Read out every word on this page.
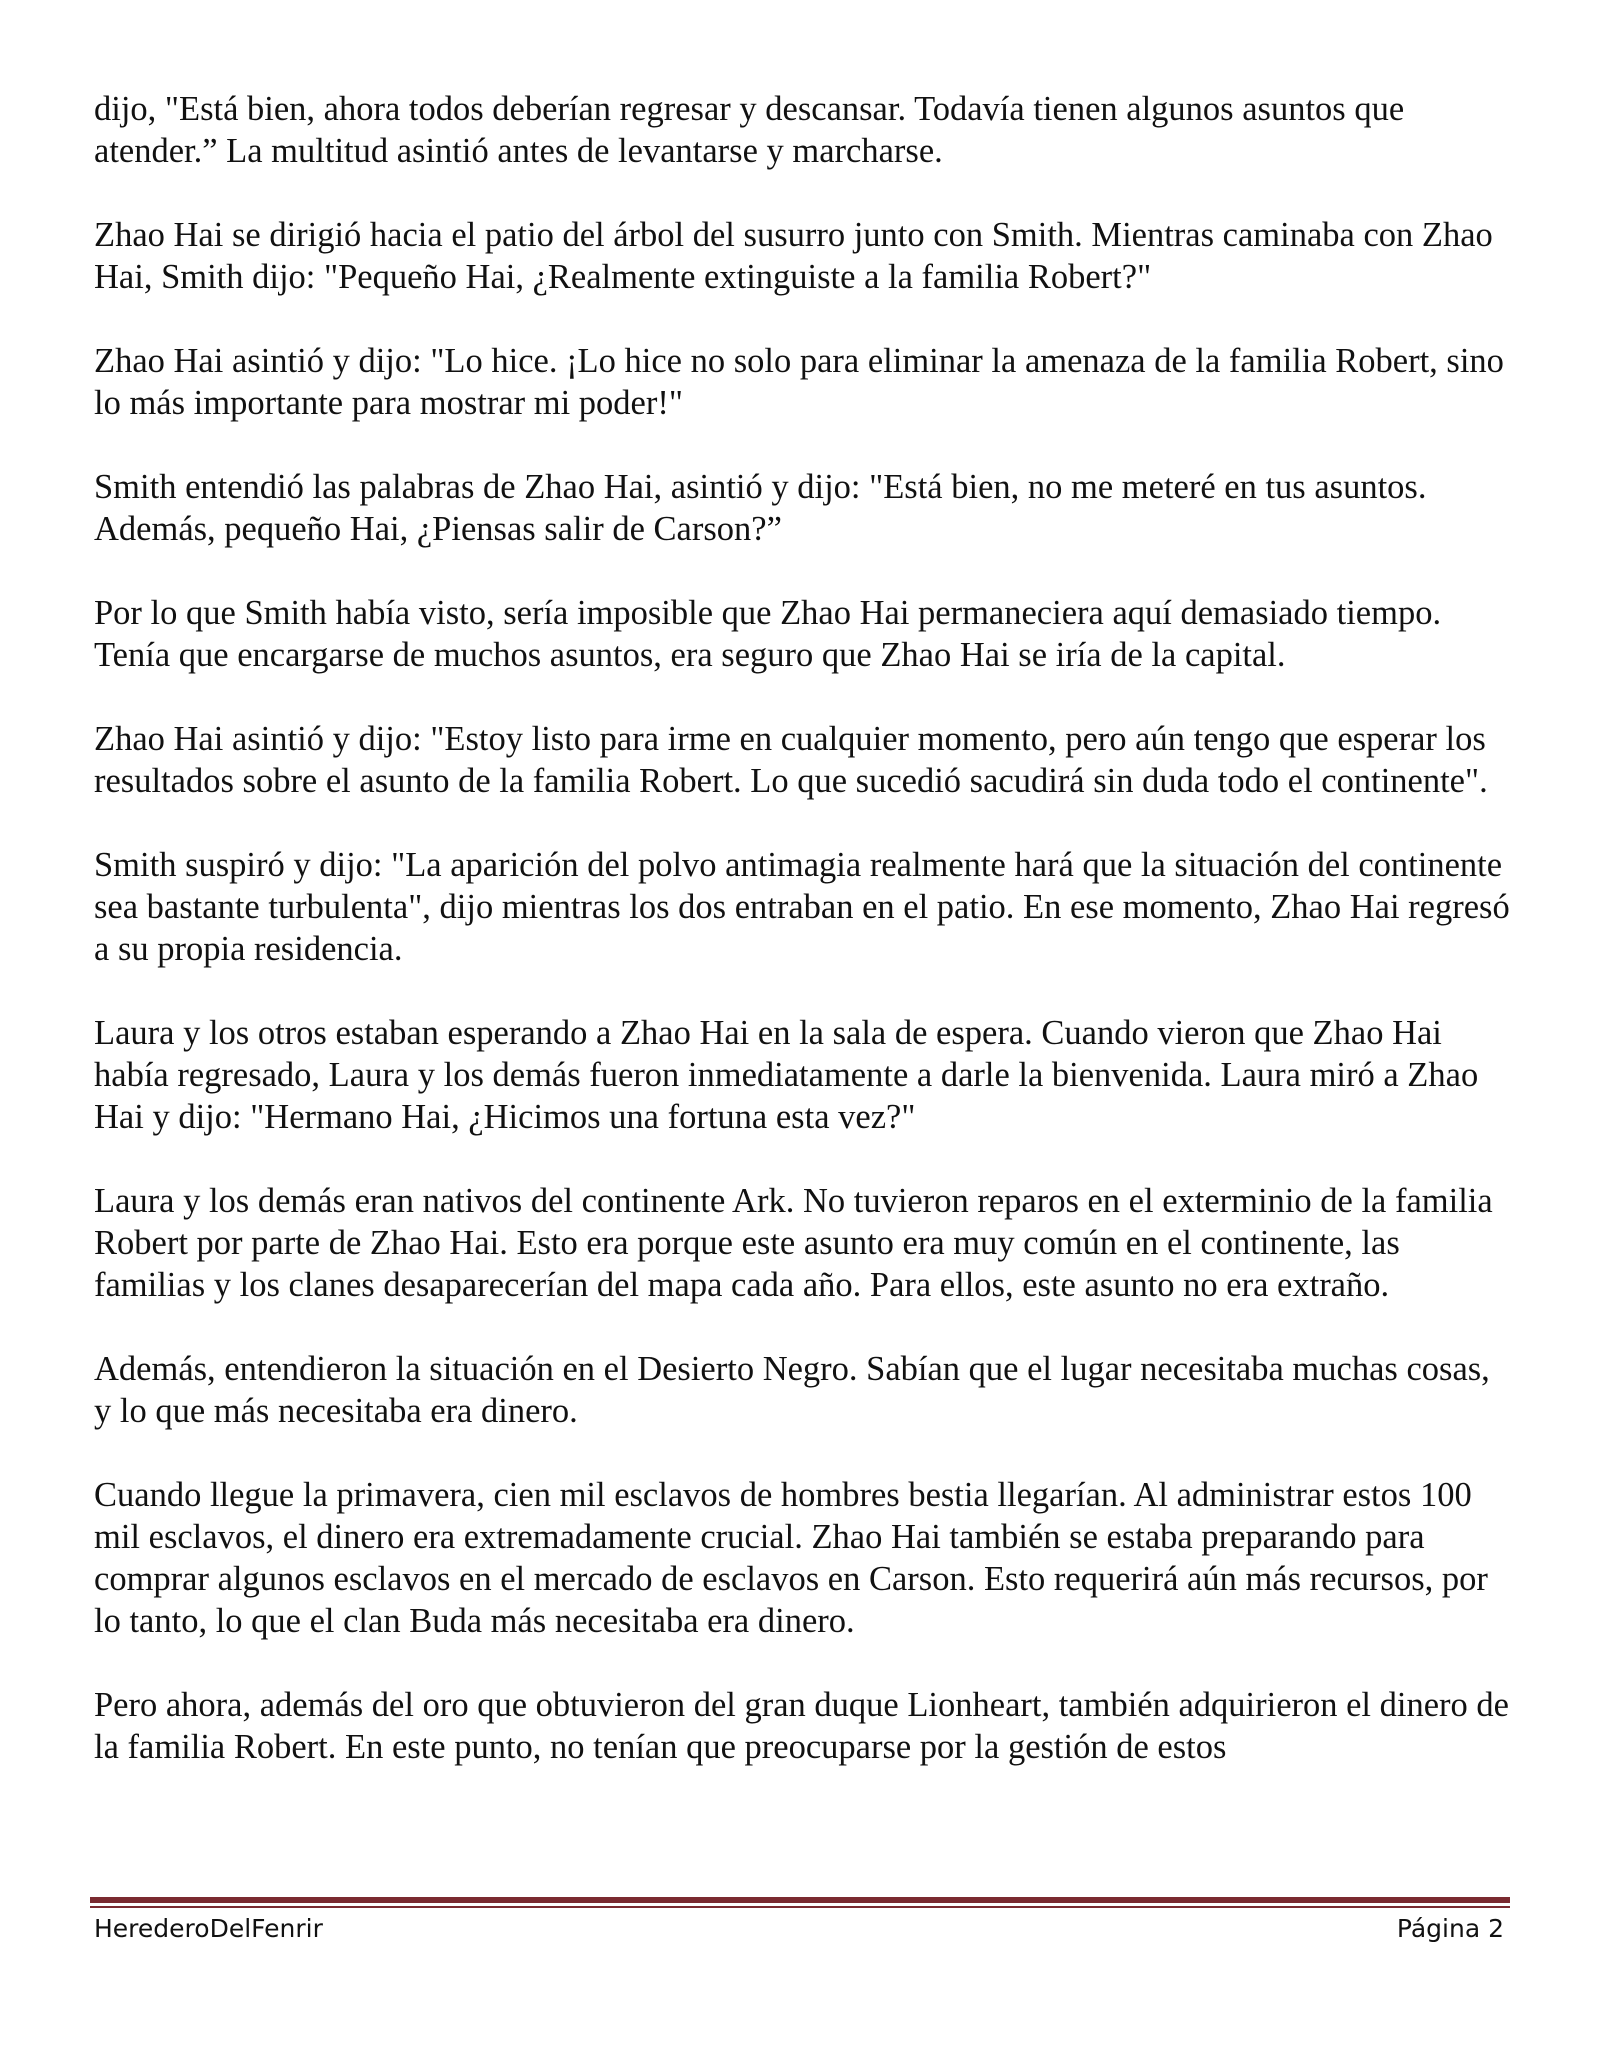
dijo, "Está bien, ahora todos deberían regresar y descansar. Todavía tienen algunos asuntos que atender.” La multitud asintió antes de levantarse y marcharse.

Zhao Hai se dirigió hacia el patio del árbol del susurro junto con Smith. Mientras caminaba con Zhao Hai, Smith dijo: "Pequeño Hai, ¿Realmente extinguiste a la familia Robert?"

Zhao Hai asintió y dijo: "Lo hice. ¡Lo hice no solo para eliminar la amenaza de la familia Robert, sino lo más importante para mostrar mi poder!"

Smith entendió las palabras de Zhao Hai, asintió y dijo: "Está bien, no me meteré en tus asuntos. Además, pequeño Hai, ¿Piensas salir de Carson?”

Por lo que Smith había visto, sería imposible que Zhao Hai permaneciera aquí demasiado tiempo. Tenía que encargarse de muchos asuntos, era seguro que Zhao Hai se iría de la capital.

Zhao Hai asintió y dijo: "Estoy listo para irme en cualquier momento, pero aún tengo que esperar los resultados sobre el asunto de la familia Robert. Lo que sucedió sacudirá sin duda todo el continente".

Smith suspiró y dijo: "La aparición del polvo antimagia realmente hará que la situación del continente sea bastante turbulenta", dijo mientras los dos entraban en el patio. En ese momento, Zhao Hai regresó a su propia residencia.

Laura y los otros estaban esperando a Zhao Hai en la sala de espera. Cuando vieron que Zhao Hai había regresado, Laura y los demás fueron inmediatamente a darle la bienvenida. Laura miró a Zhao Hai y dijo: "Hermano Hai, ¿Hicimos una fortuna esta vez?"

Laura y los demás eran nativos del continente Ark. No tuvieron reparos en el exterminio de la familia Robert por parte de Zhao Hai. Esto era porque este asunto era muy común en el continente, las familias y los clanes desaparecerían del mapa cada año. Para ellos, este asunto no era extraño.

Además, entendieron la situación en el Desierto Negro. Sabían que el lugar necesitaba muchas cosas, y lo que más necesitaba era dinero.

Cuando llegue la primavera, cien mil esclavos de hombres bestia llegarían. Al administrar estos 100 mil esclavos, el dinero era extremadamente crucial. Zhao Hai también se estaba preparando para comprar algunos esclavos en el mercado de esclavos en Carson. Esto requerirá aún más recursos, por lo tanto, lo que el clan Buda más necesitaba era dinero.

Pero ahora, además del oro que obtuvieron del gran duque Lionheart, también adquirieron el dinero de la familia Robert. En este punto, no tenían que preocuparse por la gestión de estos

HerederoDelFenrir	Página 2
